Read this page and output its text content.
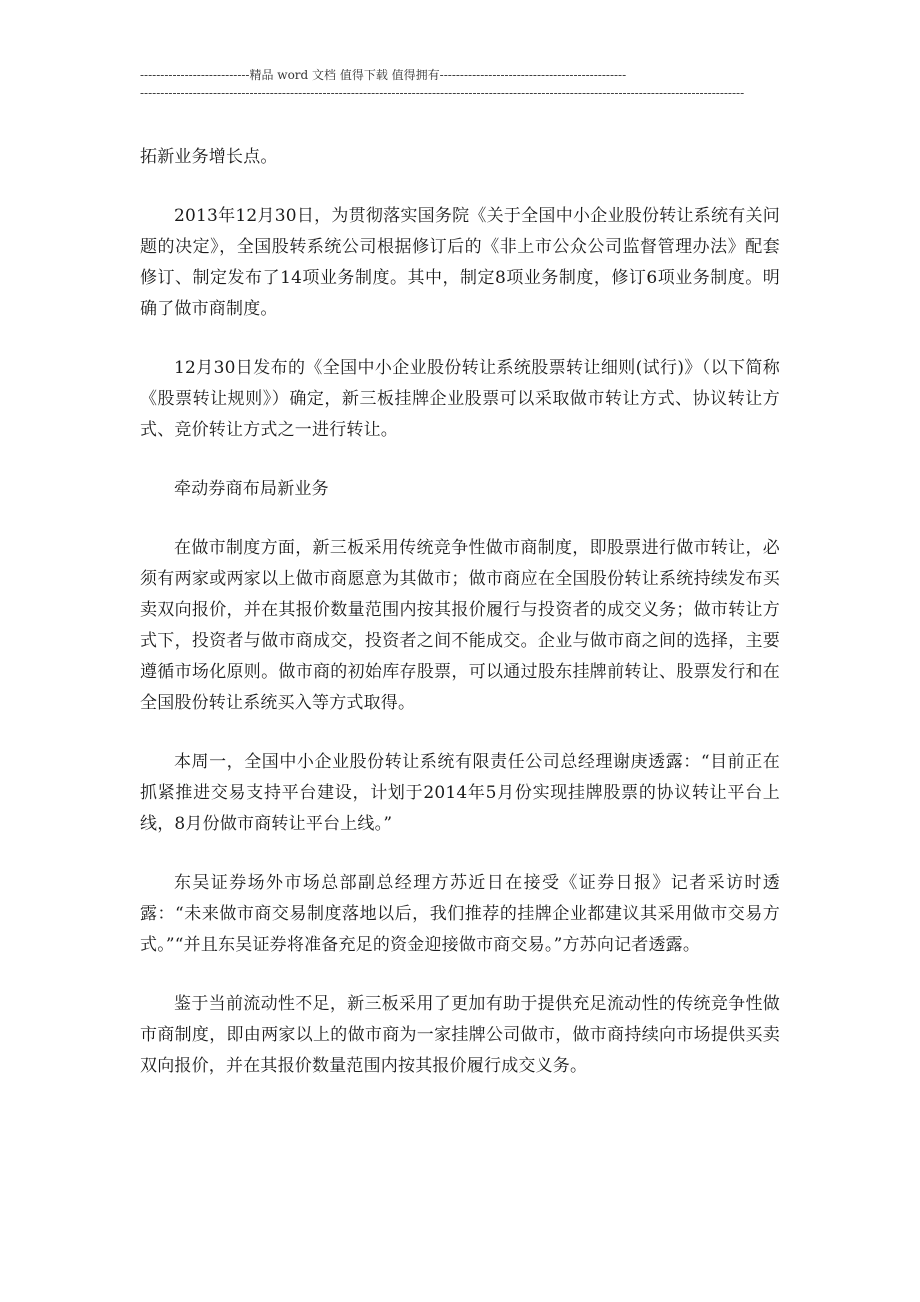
---------------------------精品 word 文档 值得下载 值得拥有----------------------------------------------
-----------------------------------------------------------------------------------------------------------------------------------------------------

拓新业务增长点。

2013年12月30日，为贯彻落实国务院《关于全国中小企业股份转让系统有关问题的决定》，全国股转系统公司根据修订后的《非上市公众公司监督管理办法》配套修订、制定发布了14项业务制度。其中，制定8项业务制度，修订6项业务制度。明确了做市商制度。

12月30日发布的《全国中小企业股份转让系统股票转让细则(试行)》（以下简称《股票转让规则》）确定，新三板挂牌企业股票可以采取做市转让方式、协议转让方式、竞价转让方式之一进行转让。

牵动券商布局新业务

在做市制度方面，新三板采用传统竞争性做市商制度，即股票进行做市转让，必须有两家或两家以上做市商愿意为其做市；做市商应在全国股份转让系统持续发布买卖双向报价，并在其报价数量范围内按其报价履行与投资者的成交义务；做市转让方式下，投资者与做市商成交，投资者之间不能成交。企业与做市商之间的选择，主要遵循市场化原则。做市商的初始库存股票，可以通过股东挂牌前转让、股票发行和在全国股份转让系统买入等方式取得。

本周一，全国中小企业股份转让系统有限责任公司总经理谢庚透露：“目前正在抓紧推进交易支持平台建设，计划于2014年5月份实现挂牌股票的协议转让平台上线，8月份做市商转让平台上线。”

东吴证券场外市场总部副总经理方苏近日在接受《证券日报》记者采访时透露：“未来做市商交易制度落地以后，我们推荐的挂牌企业都建议其采用做市交易方式。”“并且东吴证券将准备充足的资金迎接做市商交易。”方苏向记者透露。

鉴于当前流动性不足，新三板采用了更加有助于提供充足流动性的传统竞争性做市商制度，即由两家以上的做市商为一家挂牌公司做市，做市商持续向市场提供买卖双向报价，并在其报价数量范围内按其报价履行成交义务。
